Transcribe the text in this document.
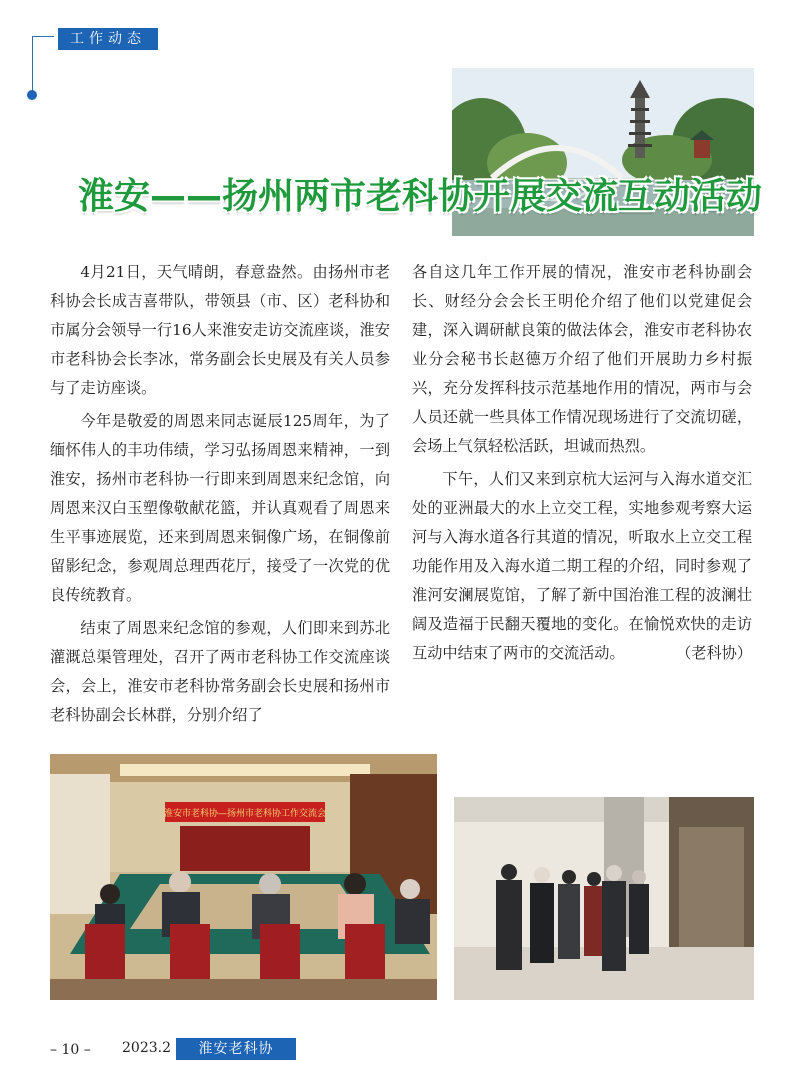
工作动态
淮安——扬州两市老科协开展交流互动活动

4月21日，天气晴朗，春意盎然。由扬州市老科协会长成吉喜带队，带领县（市、区）老科协和市属分会领导一行16人来淮安走访交流座谈，淮安市老科协会长李冰，常务副会长史展及有关人员参与了走访座谈。

今年是敬爱的周恩来同志诞辰125周年，为了缅怀伟人的丰功伟绩，学习弘扬周恩来精神，一到淮安，扬州市老科协一行即来到周恩来纪念馆，向周恩来汉白玉塑像敬献花篮，并认真观看了周恩来生平事迹展览，还来到周恩来铜像广场，在铜像前留影纪念，参观周总理西花厅，接受了一次党的优良传统教育。

结束了周恩来纪念馆的参观，人们即来到苏北灌溉总渠管理处，召开了两市老科协工作交流座谈会，会上，淮安市老科协常务副会长史展和扬州市老科协副会长林群，分别介绍了

各自这几年工作开展的情况，淮安市老科协副会长、财经分会会长王明伦介绍了他们以党建促会建，深入调研献良策的做法体会，淮安市老科协农业分会秘书长赵德万介绍了他们开展助力乡村振兴，充分发挥科技示范基地作用的情况，两市与会人员还就一些具体工作情况现场进行了交流切磋，会场上气氛轻松活跃，坦诚而热烈。

下午，人们又来到京杭大运河与入海水道交汇处的亚洲最大的水上立交工程，实地参观考察大运河与入海水道各行其道的情况，听取水上立交工程功能作用及入海水道二期工程的介绍，同时参观了淮河安澜展览馆，了解了新中国治淮工程的波澜壮阔及造福于民翻天覆地的变化。在愉悦欢快的走访互动中结束了两市的交流活动。	（老科协）

淮安市老科协—扬州市老科协工作交流会
– 10 – 2023.2	淮安老科协
